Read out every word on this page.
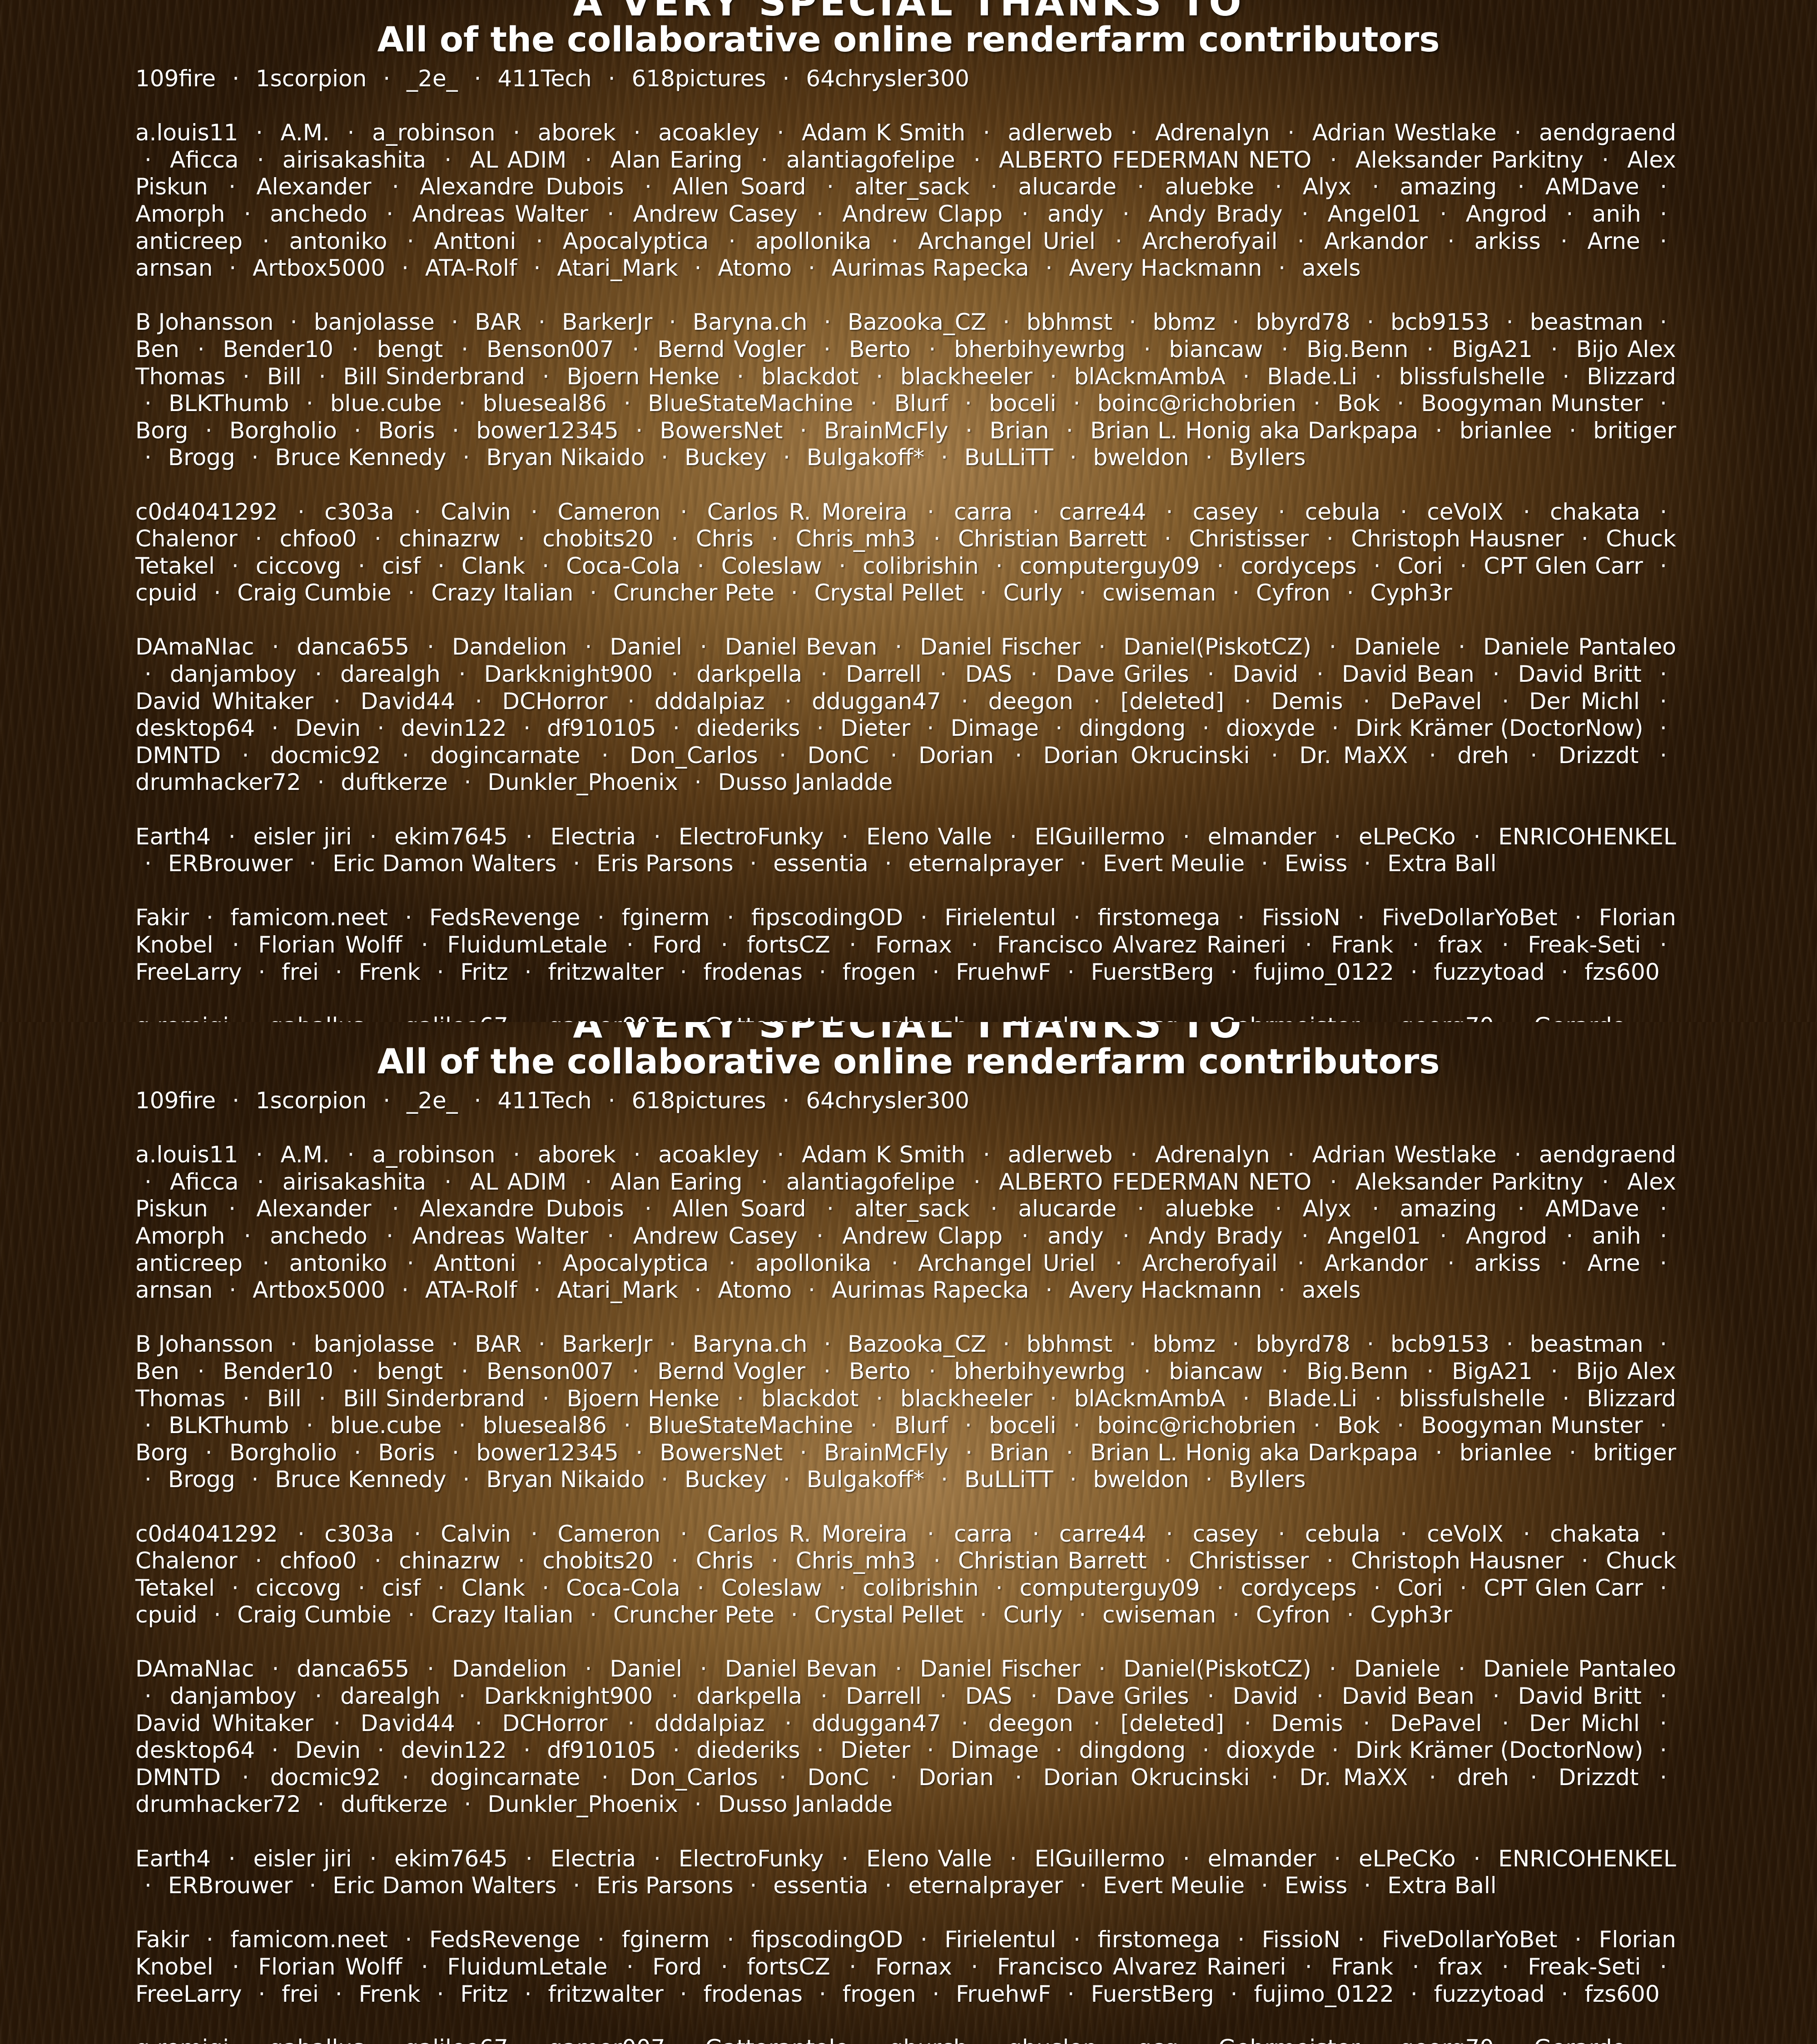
A VERY SPECIAL THANKS TO
All of the collaborative online renderfarm contributors

109fire · 1scorpion · _2e_ · 411Tech · 618pictures · 64chrysler300

a.louis11 · A.M. · a_robinson · aborek · acoakley · Adam K Smith · adlerweb · Adrenalyn · Adrian Westlake · aendgraend · Aficca · airisakashita · AL ADIM · Alan Earing · alantiagofelipe · ALBERTO FEDERMAN NETO · Aleksander Parkitny · Alex Piskun · Alexander · Alexandre Dubois · Allen Soard · alter_sack · alucarde · aluebke · Alyx · amazing · AMDave · Amorph · anchedo · Andreas Walter · Andrew Casey · Andrew Clapp · andy · Andy Brady · Angel01 · Angrod · anih · anticreep · antoniko · Anttoni · Apocalyptica · apollonika · Archangel Uriel · Archerofyail · Arkandor · arkiss · Arne · arnsan · Artbox5000 · ATA-Rolf · Atari_Mark · Atomo · Aurimas Rapecka · Avery Hackmann · axels

B Johansson · banjolasse · BAR · BarkerJr · Baryna.ch · Bazooka_CZ · bbhmst · bbmz · bbyrd78 · bcb9153 · beastman · Ben · Bender10 · bengt · Benson007 · Bernd Vogler · Berto · bherbihyewrbg · biancaw · Big.Benn · BigA21 · Bijo Alex Thomas · Bill · Bill Sinderbrand · Bjoern Henke · blackdot · blackheeler · blAckmAmbA · Blade.Li · blissfulshelle · Blizzard · BLKThumb · blue.cube · blueseal86 · BlueStateMachine · Blurf · boceli · boinc@richobrien · Bok · Boogyman Munster · Borg · Borgholio · Boris · bower12345 · BowersNet · BrainMcFly · Brian · Brian L. Honig aka Darkpapa · brianlee · britiger · Brogg · Bruce Kennedy · Bryan Nikaido · Buckey · Bulgakoff* · BuLLiTT · bweldon · Byllers

c0d4041292 · c303a · Calvin · Cameron · Carlos R. Moreira · carra · carre44 · casey · cebula · ceVoIX · chakata · Chalenor · chfoo0 · chinazrw · chobits20 · Chris · Chris_mh3 · Christian Barrett · Christisser · Christoph Hausner · Chuck Tetakel · ciccovg · cisf · Clank · Coca-Cola · Coleslaw · colibrishin · computerguy09 · cordyceps · Cori · CPT Glen Carr · cpuid · Craig Cumbie · Crazy Italian · Cruncher Pete · Crystal Pellet · Curly · cwiseman · Cyfron · Cyph3r

DAmaNIac · danca655 · Dandelion · Daniel · Daniel Bevan · Daniel Fischer · Daniel(PiskotCZ) · Daniele · Daniele Pantaleo · danjamboy · darealgh · Darkknight900 · darkpella · Darrell · DAS · Dave Griles · David · David Bean · David Britt · David Whitaker · David44 · DCHorror · dddalpiaz · dduggan47 · deegon · [deleted] · Demis · DePavel · Der Michl · desktop64 · Devin · devin122 · df910105 · diederiks · Dieter · Dimage · dingdong · dioxyde · Dirk Krämer (DoctorNow) · DMNTD · docmic92 · dogincarnate · Don_Carlos · DonC · Dorian · Dorian Okrucinski · Dr. MaXX · dreh · Drizzdt · drumhacker72 · duftkerze · Dunkler_Phoenix · Dusso Janladde

Earth4 · eisler jiri · ekim7645 · Electria · ElectroFunky · Eleno Valle · ElGuillermo · elmander · eLPeCKo · ENRICOHENKEL · ERBrouwer · Eric Damon Walters · Eris Parsons · essentia · eternalprayer · Evert Meulie · Ewiss · Extra Ball

Fakir · famicom.neet · FedsRevenge · fginerm · fipscodingOD · Firielentul · firstomega · FissioN · FiveDollarYoBet · Florian Knobel · Florian Wolff · FluidumLetale · Ford · fortsCZ · Fornax · Francisco Alvarez Raineri · Frank · frax · Freak-Seti · FreeLarry · frei · Frenk · Fritz · fritzwalter · frodenas · frogen · FruehwF · FuerstBerg · fujimo_0122 · fuzzytoad · fzs600

A VERY SPECIAL THANKS TO
All of the collaborative online renderfarm contributors

109fire · 1scorpion · _2e_ · 411Tech · 618pictures · 64chrysler300

a.louis11 · A.M. · a_robinson · aborek · acoakley · Adam K Smith · adlerweb · Adrenalyn · Adrian Westlake · aendgraend · Aficca · airisakashita · AL ADIM · Alan Earing · alantiagofelipe · ALBERTO FEDERMAN NETO · Aleksander Parkitny · Alex Piskun · Alexander · Alexandre Dubois · Allen Soard · alter_sack · alucarde · aluebke · Alyx · amazing · AMDave · Amorph · anchedo · Andreas Walter · Andrew Casey · Andrew Clapp · andy · Andy Brady · Angel01 · Angrod · anih · anticreep · antoniko · Anttoni · Apocalyptica · apollonika · Archangel Uriel · Archerofyail · Arkandor · arkiss · Arne · arnsan · Artbox5000 · ATA-Rolf · Atari_Mark · Atomo · Aurimas Rapecka · Avery Hackmann · axels

B Johansson · banjolasse · BAR · BarkerJr · Baryna.ch · Bazooka_CZ · bbhmst · bbmz · bbyrd78 · bcb9153 · beastman · Ben · Bender10 · bengt · Benson007 · Bernd Vogler · Berto · bherbihyewrbg · biancaw · Big.Benn · BigA21 · Bijo Alex Thomas · Bill · Bill Sinderbrand · Bjoern Henke · blackdot · blackheeler · blAckmAmbA · Blade.Li · blissfulshelle · Blizzard · BLKThumb · blue.cube · blueseal86 · BlueStateMachine · Blurf · boceli · boinc@richobrien · Bok · Boogyman Munster · Borg · Borgholio · Boris · bower12345 · BowersNet · BrainMcFly · Brian · Brian L. Honig aka Darkpapa · brianlee · britiger · Brogg · Bruce Kennedy · Bryan Nikaido · Buckey · Bulgakoff* · BuLLiTT · bweldon · Byllers

c0d4041292 · c303a · Calvin · Cameron · Carlos R. Moreira · carra · carre44 · casey · cebula · ceVoIX · chakata · Chalenor · chfoo0 · chinazrw · chobits20 · Chris · Chris_mh3 · Christian Barrett · Christisser · Christoph Hausner · Chuck Tetakel · ciccovg · cisf · Clank · Coca-Cola · Coleslaw · colibrishin · computerguy09 · cordyceps · Cori · CPT Glen Carr · cpuid · Craig Cumbie · Crazy Italian · Cruncher Pete · Crystal Pellet · Curly · cwiseman · Cyfron · Cyph3r

DAmaNIac · danca655 · Dandelion · Daniel · Daniel Bevan · Daniel Fischer · Daniel(PiskotCZ) · Daniele · Daniele Pantaleo · danjamboy · darealgh · Darkknight900 · darkpella · Darrell · DAS · Dave Griles · David · David Bean · David Britt · David Whitaker · David44 · DCHorror · dddalpiaz · dduggan47 · deegon · [deleted] · Demis · DePavel · Der Michl · desktop64 · Devin · devin122 · df910105 · diederiks · Dieter · Dimage · dingdong · dioxyde · Dirk Krämer (DoctorNow) · DMNTD · docmic92 · dogincarnate · Don_Carlos · DonC · Dorian · Dorian Okrucinski · Dr. MaXX · dreh · Drizzdt · drumhacker72 · duftkerze · Dunkler_Phoenix · Dusso Janladde

Earth4 · eisler jiri · ekim7645 · Electria · ElectroFunky · Eleno Valle · ElGuillermo · elmander · eLPeCKo · ENRICOHENKEL · ERBrouwer · Eric Damon Walters · Eris Parsons · essentia · eternalprayer · Evert Meulie · Ewiss · Extra Ball

Fakir · famicom.neet · FedsRevenge · fginerm · fipscodingOD · Firielentul · firstomega · FissioN · FiveDollarYoBet · Florian Knobel · Florian Wolff · FluidumLetale · Ford · fortsCZ · Fornax · Francisco Alvarez Raineri · Frank · frax · Freak-Seti · FreeLarry · frei · Frenk · Fritz · fritzwalter · frodenas · frogen · FruehwF · FuerstBerg · fujimo_0122 · fuzzytoad · fzs600
